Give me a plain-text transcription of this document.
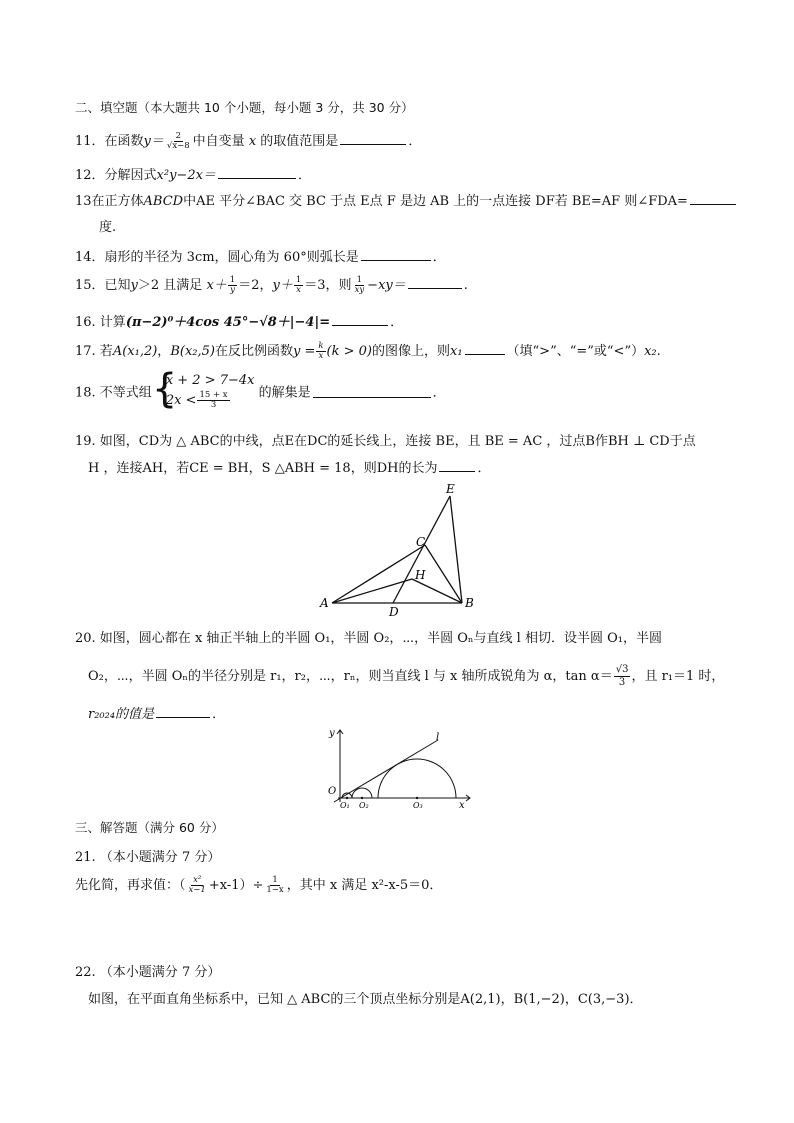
二、填空题（本大题共 10 个小题，每小题 3 分，共 30 分）
11．在函数$y= \frac{2}{√x-8}$ 中自变量 x 的取值范围是	．
12．分解因式x²y−2x＝	．
13在正方体ABCD中AE 平分∠BAC 交 BC 于点 E点 F 是边 AB 上的一点连接 DF若 BE=AF 则∠FDA=
度.
14．扇形的半径为 3cm，圆心角为 60°则弧长是	．
15．已知y＞2 且满足 $x+ \frac{1}{y} =2$，$y+ \frac{1}{x} =3$，则 $\frac{1}{xy} -xy=$	.
16. 计算(π−2)⁰＋4cos 45°−√8＋|−4|=	．
17. 若A(x₁,2)，B(x₂,5)在反比例函数$y = \frac{k}{x} (k > 0)$的图像上，则x₁	（填“>”、“=”或“<”）x₂.
18. 不等式组
{ x + 2 > 7−4x
$2x < \frac{15 + x}{3}$ 的解集是	．
19. 如图，CD为 △ ABC的中线，点E在DC的延长线上，连接 BE，且 BE = AC ，过点B作BH ⊥ CD于点
H ，连接AH，若CE = BH，S △ABH = 18，则DH的长为	．
E
C
H
A
D
B
20. 如图，圆心都在 x 轴正半轴上的半圆 O₁，半圆 O₂，⋯，半圆 Oₙ与直线 l 相切．设半圆 O₁，半圆
O₂，⋯，半圆 Oₙ的半径分别是 r₁，r₂，⋯，rₙ，则当直线 l 与 x 轴所成锐角为 α，$\tan \alpha= \frac{√3}{3}$ ，且 r₁＝1 时，
r₂₀₂₄的值是	．
y	l
O
O₁ O₂	O₃	x
三、解答题（满分 60 分）
21. （本小题满分 7 分）
先化简，再求值：（ $\frac{\text{x²}}{x-1} +x-1)\div \frac{1}{1-x}$ ，其中 x 满足 x²-x-5＝0．
22. （本小题满分 7 分）
如图，在平面直角坐标系中，已知 △ ABC的三个顶点坐标分别是A(2,1)，B(1,−2)，C(3,−3)．
